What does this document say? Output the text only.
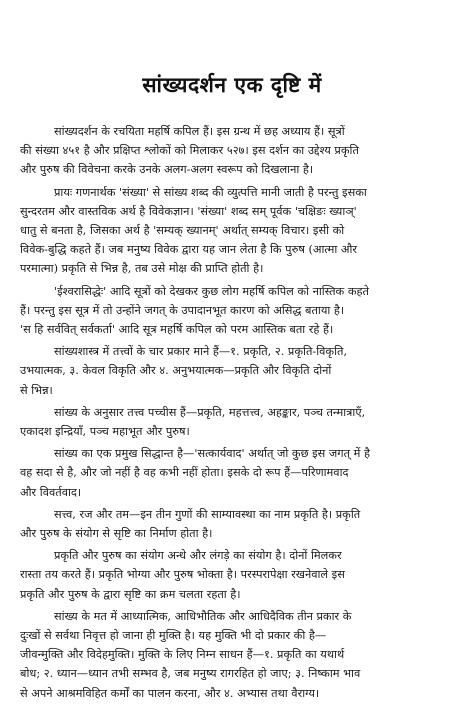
सांख्यदर्शन एक दृष्टि में
सांख्यदर्शन के रचयिता महर्षि कपिल हैं। इस ग्रन्थ में छह अध्याय हैं। सूत्रों
की संख्या ४५१ है और प्रक्षिप्त श्लोकों को मिलाकर ५२७। इस दर्शन का उद्देश्य प्रकृति
और पुरुष की विवेचना करके उनके अलग-अलग स्वरूप को दिखलाना है।
प्रायः गणनार्थक 'संख्या' से सांख्य शब्द की व्युत्पत्ति मानी जाती है परन्तु इसका
सुन्दरतम और वास्तविक अर्थ है विवेकज्ञान। 'संख्या' शब्द सम् पूर्वक 'चक्षिङः ख्याञ्'
धातु से बनता है, जिसका अर्थ है 'सम्यक् ख्यानम्' अर्थात् सम्यक् विचार। इसी को
विवेक-बुद्धि कहते हैं। जब मनुष्य विवेक द्वारा यह जान लेता है कि पुरुष (आत्मा और
परमात्मा) प्रकृति से भिन्न है, तब उसे मोक्ष की प्राप्ति होती है।
'ईश्वरासिद्धेः' आदि सूत्रों को देखकर कुछ लोग महर्षि कपिल को नास्तिक कहते
हैं। परन्तु इस सूत्र में तो उन्होंने जगत् के उपादानभूत कारण को असिद्ध बताया है।
'स हि सर्ववित् सर्वकर्ता' आदि सूत्र महर्षि कपिल को परम आस्तिक बता रहे हैं।
सांख्यशास्त्र में तत्त्वों के चार प्रकार माने हैं—१. प्रकृति, २. प्रकृति-विकृति,
उभयात्मक, ३. केवल विकृति और ४. अनुभयात्मक—प्रकृति और विकृति दोनों
से भिन्न।
सांख्य के अनुसार तत्त्व पच्चीस हैं—प्रकृति, महत्तत्त्व, अहङ्कार, पञ्च तन्मात्राएँ,
एकादश इन्द्रियाँ, पञ्च महाभूत और पुरुष।
सांख्य का एक प्रमुख सिद्धान्त है—'सत्कार्यवाद' अर्थात् जो कुछ इस जगत् में है
वह सदा से है, और जो नहीं है वह कभी नहीं होता। इसके दो रूप हैं—परिणामवाद
और विवर्तवाद।
सत्त्व, रज और तम—इन तीन गुणों की साम्यावस्था का नाम प्रकृति है। प्रकृति
और पुरुष के संयोग से सृष्टि का निर्माण होता है।
प्रकृति और पुरुष का संयोग अन्धे और लंगड़े का संयोग है। दोनों मिलकर
रास्ता तय करते हैं। प्रकृति भोग्या और पुरुष भोक्ता है। परस्परापेक्षा रखनेवाले इस
प्रकृति और पुरुष के द्वारा सृष्टि का क्रम चलता रहता है।
सांख्य के मत में आध्यात्मिक, आधिभौतिक और आधिदैविक तीन प्रकार के
दुःखों से सर्वथा निवृत्त हो जाना ही मुक्ति है। यह मुक्ति भी दो प्रकार की है—
जीवन्मुक्ति और विदेहमुक्ति। मुक्ति के लिए निम्न साधन हैं—१. प्रकृति का यथार्थ
बोध; २. ध्यान—ध्यान तभी सम्भव है, जब मनुष्य रागरहित हो जाए; ३. निष्काम भाव
से अपने आश्रमविहित कर्मों का पालन करना, और ४. अभ्यास तथा वैराग्य।
